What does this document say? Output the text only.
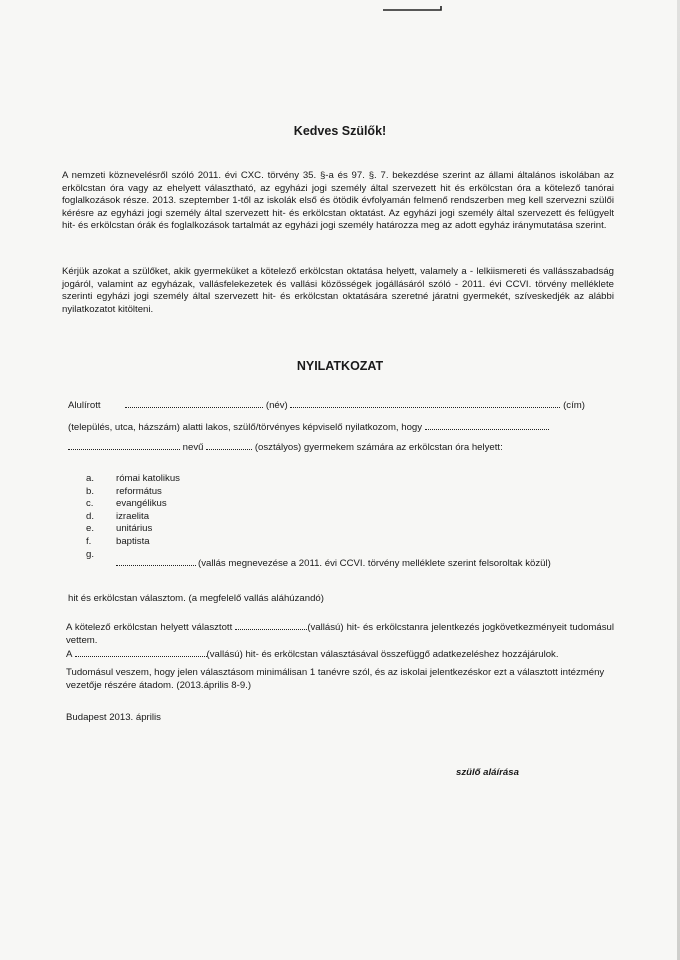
Kedves Szülők!
A nemzeti köznevelésről szóló 2011. évi CXC. törvény 35. §-a és 97. §. 7. bekezdése szerint az állami általános iskolában az erkölcstan óra vagy az ehelyett választható, az egyházi jogi személy által szervezett hit és erkölcstan óra a kötelező tanórai foglalkozások része. 2013. szeptember 1-től az iskolák első és ötödik évfolyamán felmenő rendszerben meg kell szervezni szülői kérésre az egyházi jogi személy által szervezett hit- és erkölcstan oktatást. Az egyházi jogi személy által szervezett és felügyelt hit- és erkölcstan órák és foglalkozások tartalmát az egyházi jogi személy határozza meg az adott egyház iránymutatása szerint.
Kérjük azokat a szülőket, akik gyermeküket a kötelező erkölcstan oktatása helyett, valamely a - lelkiismereti és vallásszabadság jogáról, valamint az egyházak, vallásfelekezetek és vallási közösségek jogállásáról szóló - 2011. évi CCVI. törvény melléklete szerinti egyházi jogi személy által szervezett hit- és erkölcstan oktatására szeretné járatni gyermekét, szíveskedjék az alábbi nyilatkozatot kitölteni.
NYILATKOZAT
Alulírott	(név)	(cím)
(település, utca, házszám) alatti lakos, szülő/törvényes képviselő nyilatkozom, hogy
nevű	(osztályos) gyermekem számára az erkölcstan óra helyett:
a.	római katolikus
b.	református
c.	evangélikus
d.	izraelita
e.	unitárius
f.	baptista
g.
(vallás megnevezése a 2011. évi CCVI. törvény melléklete szerint felsoroltak közül)
hit és erkölcstan választom. (a megfelelő vallás aláhúzandó)
A kötelező erkölcstan helyett választott	(vallású) hit- és erkölcstanra jelentkezés jogkövetkezményeit tudomásul vettem.
A	(vallású) hit- és erkölcstan választásával összefüggő adatkezeléshez hozzájárulok.
Tudomásul veszem, hogy jelen választásom minimálisan 1 tanévre szól, és az iskolai jelentkezéskor ezt a választott intézmény vezetője részére átadom. (2013.április 8-9.)
Budapest 2013. április
szülő aláírása
